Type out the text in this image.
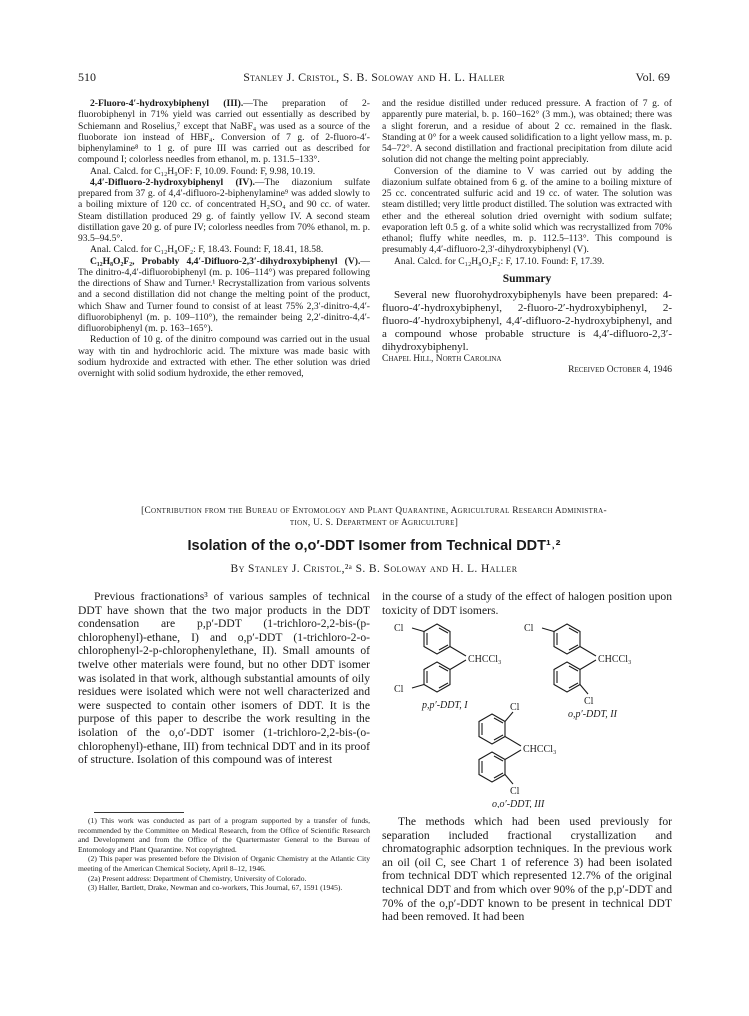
510	Stanley J. Cristol, S. B. Soloway and H. L. Haller	Vol. 69

2-Fluoro-4′-hydroxybiphenyl (III).—The preparation of 2-fluorobiphenyl in 71% yield was carried out essentially as described by Schiemann and Roselius,⁷ except that NaBF₄ was used as a source of the fluoborate ion instead of HBF₄. Conversion of 7 g. of 2-fluoro-4′-biphenylamine⁸ to 1 g. of pure III was carried out as described for compound I; colorless needles from ethanol, m. p. 131.5–133°.

Anal. Calcd. for C₁₂H₉OF: F, 10.09. Found: F, 9.98, 10.19.

4,4′-Difluoro-2-hydroxybiphenyl (IV).—The diazonium sulfate prepared from 37 g. of 4,4′-difluoro-2-biphenylamine⁹ was added slowly to a boiling mixture of 120 cc. of concentrated H₂SO₄ and 90 cc. of water. Steam distillation produced 29 g. of faintly yellow IV. A second steam distillation gave 20 g. of pure IV; colorless needles from 70% ethanol, m. p. 93.5–94.5°.

Anal. Calcd. for C₁₂H₈OF₂: F, 18.43. Found: F, 18.41, 18.58.

C₁₂H₈O₂F₂, Probably 4,4′-Difluoro-2,3′-dihydroxybiphenyl (V).—The dinitro-4,4′-difluorobiphenyl (m. p. 106–114°) was prepared following the directions of Shaw and Turner.¹ Recrystallization from various solvents and a second distillation did not change the melting point of the product, which Shaw and Turner found to consist of at least 75% 2,3′-dinitro-4,4′-difluorobiphenyl (m. p. 109–110°), the remainder being 2,2′-dinitro-4,4′-difluorobiphenyl (m. p. 163–165°).

Reduction of 10 g. of the dinitro compound was carried out in the usual way with tin and hydrochloric acid. The mixture was made basic with sodium hydroxide and extracted with ether. The ether solution was dried overnight with solid sodium hydroxide, the ether removed,

and the residue distilled under reduced pressure. A fraction of 7 g. of apparently pure material, b. p. 160–162° (3 mm.), was obtained; there was a slight forerun, and a residue of about 2 cc. remained in the flask. Standing at 0° for a week caused solidification to a light yellow mass, m. p. 54–72°. A second distillation and fractional precipitation from dilute acid solution did not change the melting point appreciably.

Conversion of the diamine to V was carried out by adding the diazonium sulfate obtained from 6 g. of the amine to a boiling mixture of 25 cc. concentrated sulfuric acid and 19 cc. of water. The solution was steam distilled; very little product distilled. The solution was extracted with ether and the ethereal solution dried overnight with sodium sulfate; evaporation left 0.5 g. of a white solid which was recrystallized from 70% ethanol; fluffy white needles, m. p. 112.5–113°. This compound is presumably 4,4′-difluoro-2,3′-dihydroxybiphenyl (V).

Anal. Calcd. for C₁₂H₈O₂F₂: F, 17.10. Found: F, 17.39.

Summary

Several new fluorohydroxybiphenyls have been prepared: 4-fluoro-4′-hydroxybiphenyl, 2-fluoro-2′-hydroxybiphenyl, 2-fluoro-4′-hydroxybiphenyl, 4,4′-difluoro-2-hydroxybiphenyl, and a compound whose probable structure is 4,4′-difluoro-2,3′-dihydroxybiphenyl.

Chapel Hill, North Carolina

Received October 4, 1946

[Contribution from the Bureau of Entomology and Plant Quarantine, Agricultural Research Administra-
tion, U. S. Department of Agriculture]
Isolation of the o,o′-DDT Isomer from Technical DDT¹˒²
By Stanley J. Cristol,²ᵃ S. B. Soloway and H. L. Haller

Previous fractionations³ of various samples of technical DDT have shown that the two major products in the DDT condensation are p,p′-DDT (1-trichloro-2,2-bis-(p-chlorophenyl)-ethane, I) and o,p′-DDT (1-trichloro-2-o-chlorophenyl-2-p-chlorophenylethane, II). Small amounts of twelve other materials were found, but no other DDT isomer was isolated in that work, although substantial amounts of oily residues were isolated which were not well characterized and were suspected to contain other isomers of DDT. It is the purpose of this paper to describe the work resulting in the isolation of the o,o′-DDT isomer (1-trichloro-2,2-bis-(o-chlorophenyl)-ethane, III) from technical DDT and in its proof of structure. Isolation of this compound was of interest

(1) This work was conducted as part of a program supported by a transfer of funds, recommended by the Committee on Medical Research, from the Office of Scientific Research and Development and from the Office of the Quartermaster General to the Bureau of Entomology and Plant Quarantine. Not copyrighted.

(2) This paper was presented before the Division of Organic Chemistry at the Atlantic City meeting of the American Chemical Society, April 8–12, 1946.

(2a) Present address: Department of Chemistry, University of Colorado.

(3) Haller, Bartlett, Drake, Newman and co-workers, This Journal, 67, 1591 (1945).

in the course of a study of the effect of halogen position upon toxicity of DDT isomers.

Cl
Cl
CHCCl₃
p,p′-DDT, I
Cl
CHCCl₃
Cl
o,p′-DDT, II
Cl
CHCCl₃
Cl
o,o′-DDT, III

The methods which had been used previously for separation included fractional crystallization and chromatographic adsorption techniques. In the previous work an oil (oil C, see Chart 1 of reference 3) had been isolated from technical DDT which represented 12.7% of the original technical DDT and from which over 90% of the p,p′-DDT and 70% of the o,p′-DDT known to be present in technical DDT had been removed. It had been
